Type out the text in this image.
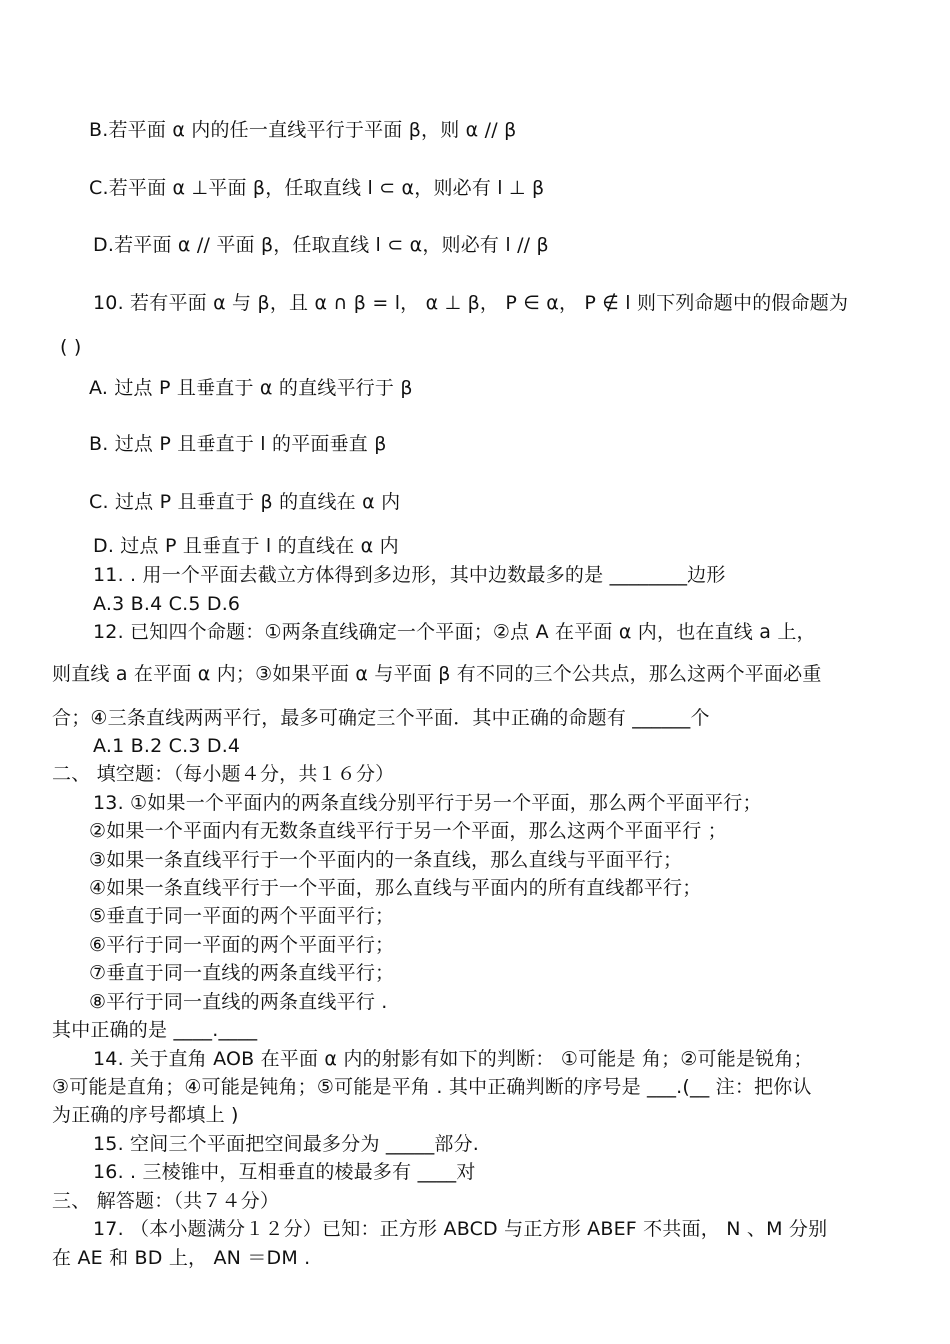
B.若平面 α 内的任一直线平行于平面 β，则 α // β
C.若平面 α ⊥平面 β，任取直线 l ⊂ α，则必有 l ⊥ β
D.若平面 α // 平面 β，任取直线 l ⊂ α，则必有 l // β
10. 若有平面 α 与 β，且 α ∩ β = l， α ⊥ β， P ∈ α， P ∉ l 则下列命题中的假命题为
( )
A. 过点 P 且垂直于 α 的直线平行于 β
B. 过点 P 且垂直于 l 的平面垂直 β
C. 过点 P 且垂直于 β 的直线在 α 内
D. 过点 P 且垂直于 l 的直线在 α 内
11. . 用一个平面去截立方体得到多边形，其中边数最多的是 ________边形
A.3 B.4 C.5 D.6
12. 已知四个命题：①两条直线确定一个平面；②点 A 在平面 α 内，也在直线 a 上，
则直线 a 在平面 α 内；③如果平面 α 与平面 β 有不同的三个公共点，那么这两个平面必重
合；④三条直线两两平行，最多可确定三个平面．其中正确的命题有 ______个
A.1 B.2 C.3 D.4
二、 填空题：（每小题４分，共１６分）
13. ①如果一个平面内的两条直线分别平行于另一个平面，那么两个平面平行；
②如果一个平面内有无数条直线平行于另一个平面，那么这两个平面平行 ；
③如果一条直线平行于一个平面内的一条直线，那么直线与平面平行；
④如果一条直线平行于一个平面，那么直线与平面内的所有直线都平行；
⑤垂直于同一平面的两个平面平行；
⑥平行于同一平面的两个平面平行；
⑦垂直于同一直线的两条直线平行；
⑧平行于同一直线的两条直线平行 .
其中正确的是 ____.____
14. 关于直角 AOB 在平面 α 内的射影有如下的判断： ①可能是 角；②可能是锐角；
③可能是直角；④可能是钝角；⑤可能是平角 . 其中正确判断的序号是 ___.(__ 注：把你认
为正确的序号都填上 )
15. 空间三个平面把空间最多分为 _____部分.
16. . 三棱锥中，互相垂直的棱最多有 ____对
三、 解答题：（共７４分）
17. （本小题满分１２分）已知：正方形 ABCD 与正方形 ABEF 不共面， N 、M 分别
在 AE 和 BD 上， AN ＝DM .
